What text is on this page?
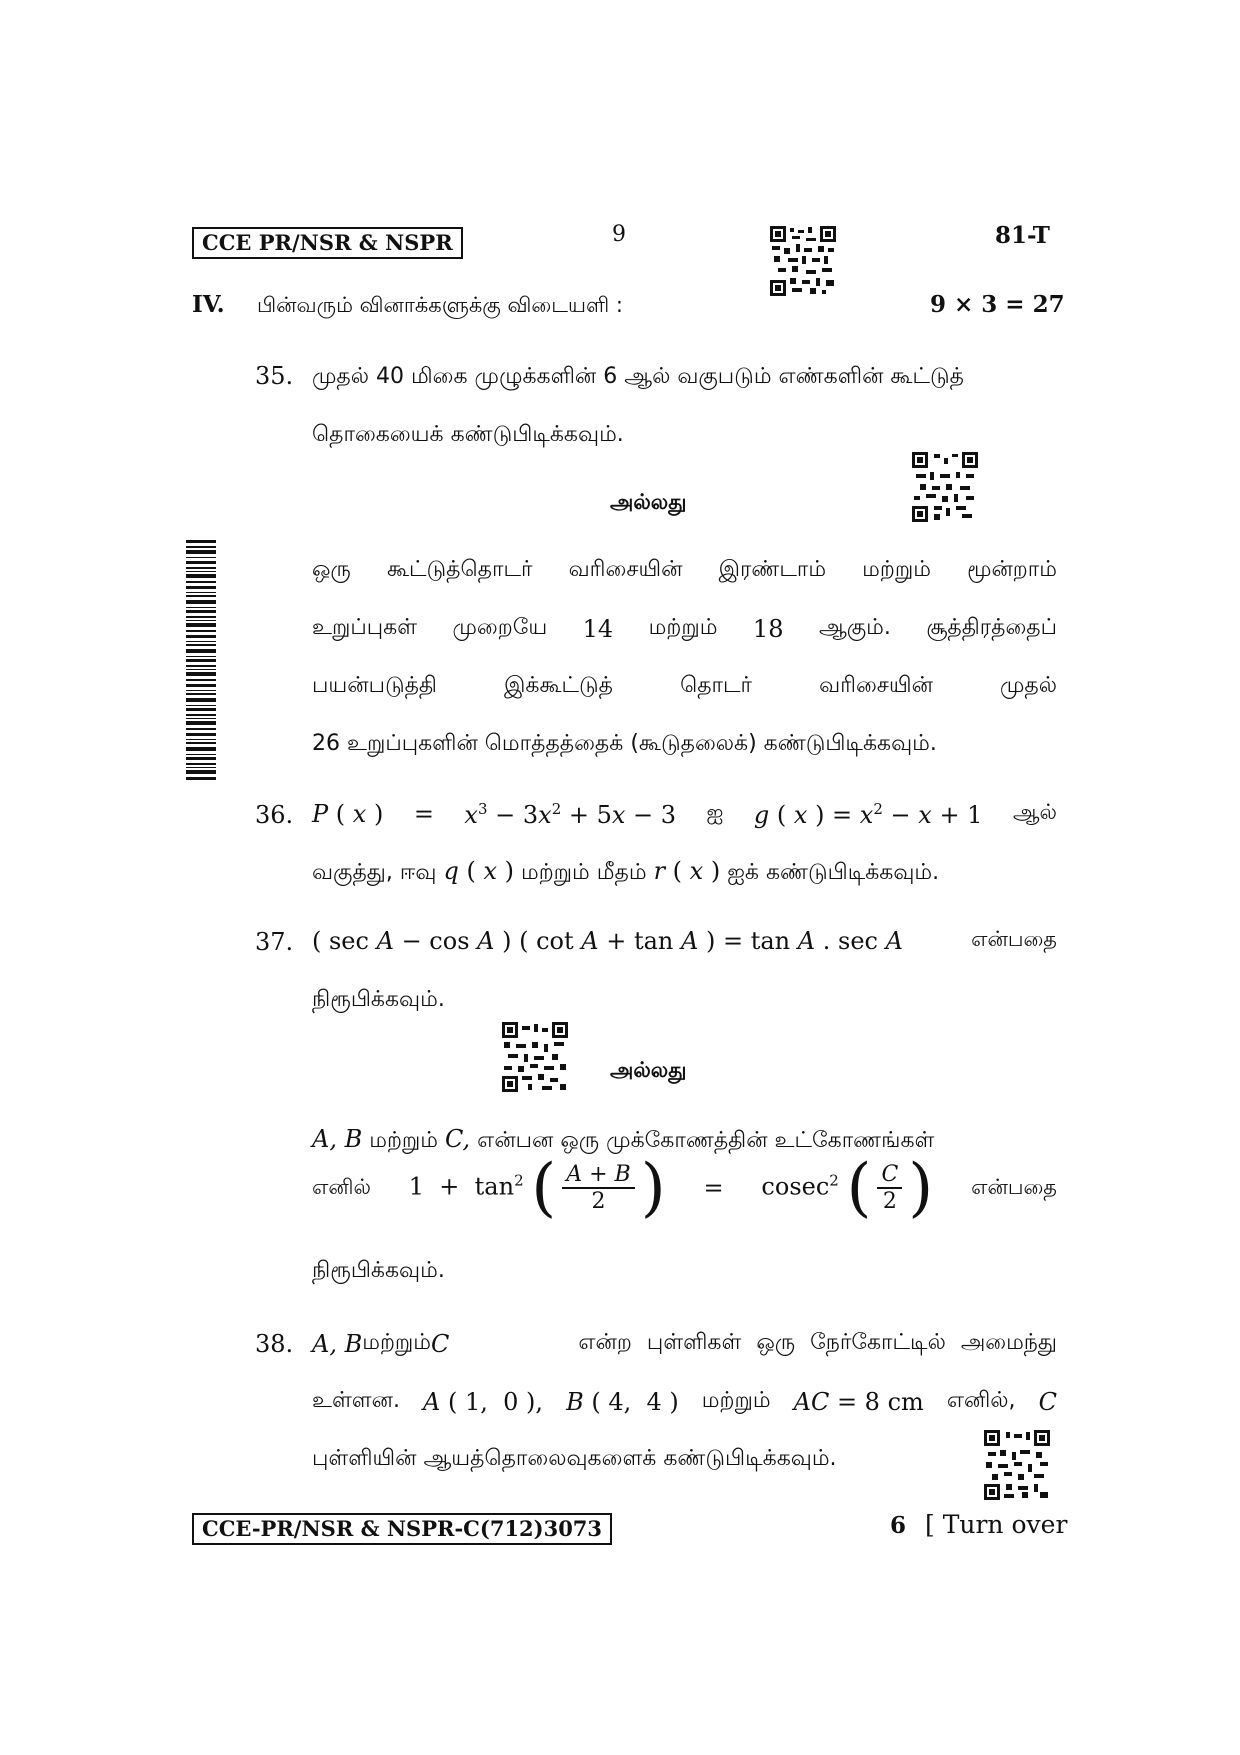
CCE PR/NSR & NSPR	9	81-T
IV. பின்வரும் வினாக்களுக்கு விடையளி :	9 × 3 = 27
35. முதல் 40 மிகை முழுக்களின் 6 ஆல் வகுபடும் எண்களின் கூட்டுத்
தொகையைக் கண்டுபிடிக்கவும்.
அல்லது
ஒரு கூட்டுத்தொடர் வரிசையின் இரண்டாம் மற்றும் மூன்றாம்
உறுப்புகள் முறையே 14 மற்றும் 18 ஆகும். சூத்திரத்தைப்
பயன்படுத்தி	இக்கூட்டுத்	தொடர்	வரிசையின்	முதல்
26 உறுப்புகளின் மொத்தத்தைக் (கூடுதலைக்) கண்டுபிடிக்கவும்.
36. P ( x ) = $x^3 - 3x^2 + 5x - 3$ ஐ g ( x ) = $x^2 - x + 1$ ஆல்
வகுத்து, ஈவு q ( x ) மற்றும் மீதம் r ( x ) ஐக் கண்டுபிடிக்கவும்.
37. ( sec A − cos A ) ( cot A + tan A ) = tan A . sec A	என்பதை
நிரூபிக்கவும்.
அல்லது
A, B மற்றும் C, என்பன ஒரு முக்கோணத்தின் உட்கோணங்கள்
எனில் $1 + \tan^2$ ( $\frac{A + B}{2}$ ) = cosec$^2$ ( $\frac{C}{2}$ ) என்பதை
நிரூபிக்கவும்.
38. A, B மற்றும் C	என்ற புள்ளிகள் ஒரு நேர்கோட்டில் அமைந்து
உள்ளன. A ( 1,  0 ), B ( 4,  4 ) மற்றும் AC = 8 cm எனில், C
புள்ளியின் ஆயத்தொலைவுகளைக் கண்டுபிடிக்கவும்.
CCE-PR/NSR & NSPR-C(712)3073	6 [ Turn over
